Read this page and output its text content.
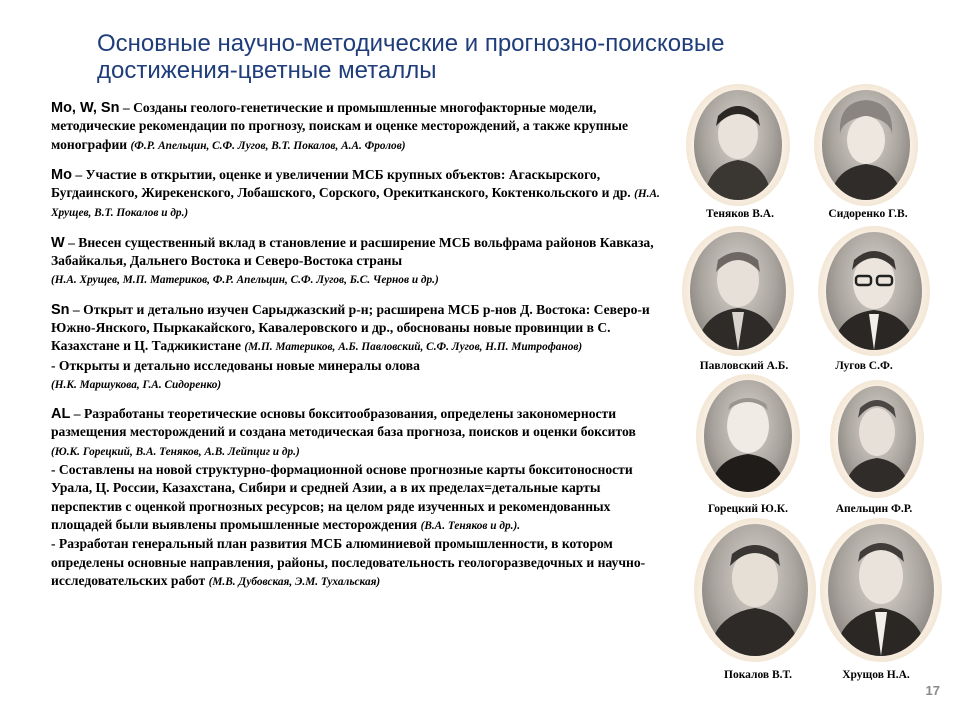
Основные научно-методические и прогнозно-поисковые
достижения-цветные металлы
Mo, W, Sn – Созданы геолого-генетические и промышленные многофакторные модели, методические рекомендации по прогнозу, поискам и оценке месторождений, а также крупные монографии (Ф.Р. Апельцин, С.Ф. Лугов, В.Т. Покалов, А.А. Фролов)
Mo – Участие в открытии, оценке и увеличении МСБ крупных объектов: Агаскырского, Бугдаинского, Жирекенского, Лобашского, Сорского, Орекитканского, Коктенкольского и др. (Н.А. Хрущев, В.Т. Покалов и др.)
W – Внесен существенный вклад в становление и расширение МСБ вольфрама районов Кавказа, Забайкалья, Дальнего Востока и Северо-Востока страны
(Н.А. Хрущев, М.П. Материков, Ф.Р. Апельцин, С.Ф. Лугов, Б.С. Чернов и др.)
Sn – Открыт и детально изучен Сарыджазский р-н; расширена МСБ р-нов Д. Востока: Северо-и Южно-Янского, Пыркакайского, Кавалеровского и др., обоснованы новые провинции в С. Казахстане и Ц. Таджикистане (М.П. Материков, А.Б. Павловский, С.Ф. Лугов, Н.П. Митрофанов)
- Открыты и детально исследованы новые минералы олова
(Н.К. Маршукова, Г.А. Сидоренко)
AL – Разработаны теоретические основы бокситообразования, определены закономерности размещения месторождений и создана методическая база прогноза, поисков и оценки бокситов
(Ю.К. Горецкий, В.А. Теняков, А.В. Лейпциг и др.)
- Составлены на новой структурно-формационной основе прогнозные карты бокситоносности Урала, Ц. России, Казахстана, Сибири и средней Азии, а в их пределах=детальные карты перспектив с оценкой прогнозных ресурсов; на целом ряде изученных и рекомендованных площадей были выявлены промышленные месторождения (В.А. Теняков и др.).
- Разработан генеральный план развития МСБ алюминиевой промышленности, в котором определены основные направления, районы, последовательность геологоразведочных и научно-исследовательских работ (М.В. Дубовская, Э.М. Тухальская)
Теняков В.А.	Сидоренко Г.В.
Павловский А.Б.	Лугов С.Ф.
Горецкий Ю.К.	Апельцин Ф.Р.
Покалов В.Т.	Хрущов Н.А.
17
